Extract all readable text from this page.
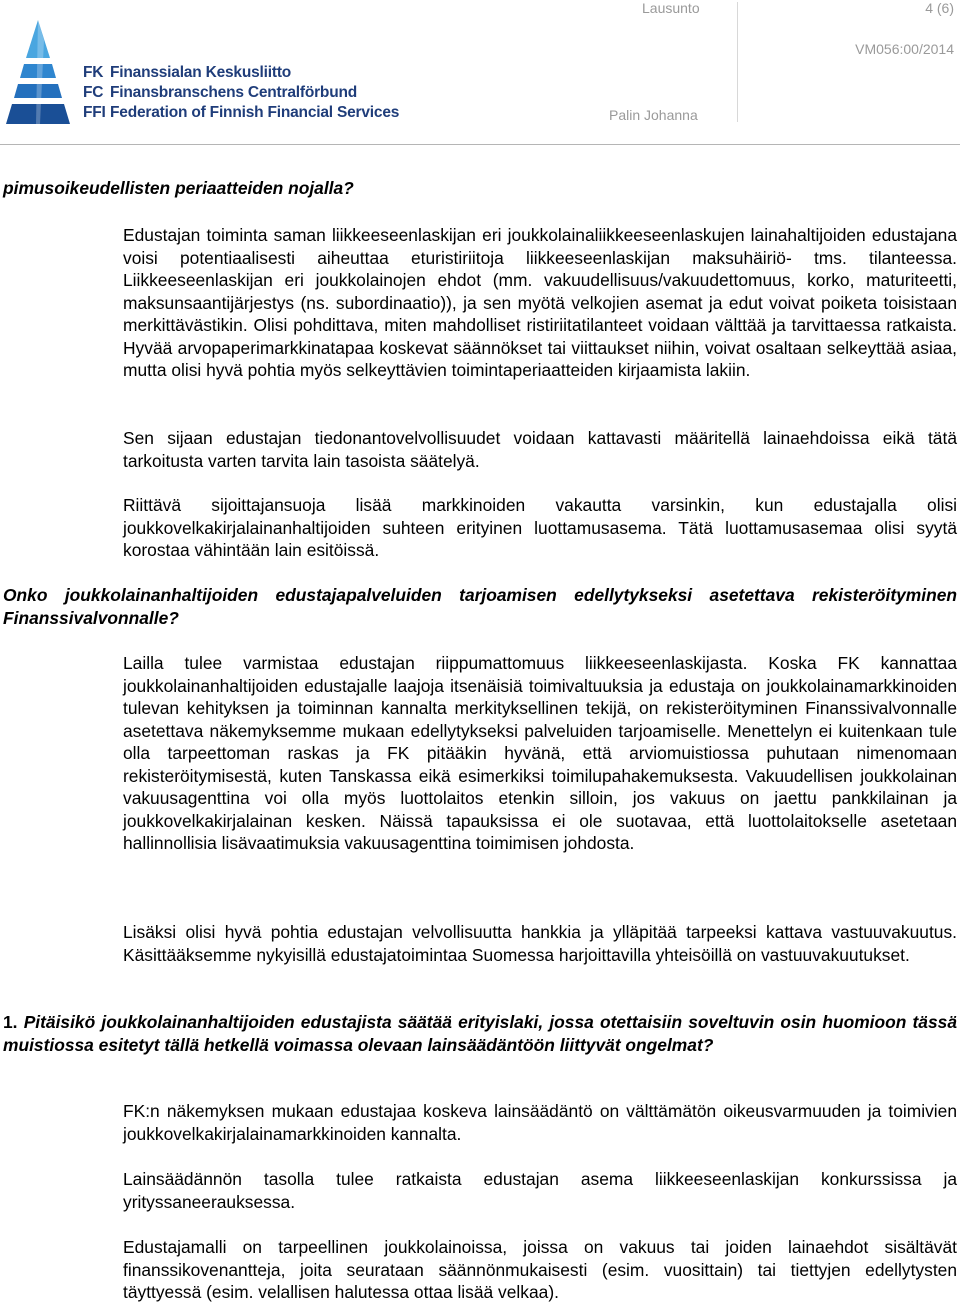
FK Finanssialan Keskusliitto
FC Finansbranschens Centralförbund
FFI Federation of Finnish Financial Services
Lausunto	4 (6)
VM056:00/2014
Palin Johanna
pimusoikeudellisten periaatteiden nojalla?
Edustajan toiminta saman liikkeeseenlaskijan eri joukkolainaliikkeeseenlaskujen lainahaltijoiden edustajana voisi potentiaalisesti aiheuttaa eturistiriitoja liikkeeseenlaskijan maksuhäiriö- tms. tilanteessa. Liikkeeseenlaskijan eri joukkolainojen ehdot (mm. vakuudellisuus/vakuudettomuus, korko, maturiteetti, maksunsaantijärjestys (ns. subordinaatio)), ja sen myötä velkojien asemat ja edut voivat poiketa toisistaan merkittävästikin. Olisi pohdittava, miten mahdolliset ristiriitatilanteet voidaan välttää ja tarvittaessa ratkaista. Hyvää arvopaperimarkkinatapaa koskevat säännökset tai viittaukset niihin, voivat osaltaan selkeyttää asiaa, mutta olisi hyvä pohtia myös selkeyttävien toimintaperiaatteiden kirjaamista lakiin.
Sen sijaan edustajan tiedonantovelvollisuudet voidaan kattavasti määritellä lainaehdoissa eikä tätä tarkoitusta varten tarvita lain tasoista säätelyä.
Riittävä sijoittajansuoja lisää markkinoiden vakautta varsinkin, kun edustajalla olisi joukkovelkakirjalainanhaltijoiden suhteen erityinen luottamusasema. Tätä luottamusasemaa olisi syytä korostaa vähintään lain esitöissä.
Onko joukkolainanhaltijoiden edustajapalveluiden tarjoamisen edellytykseksi asetettava rekisteröityminen Finanssivalvonnalle?
Lailla tulee varmistaa edustajan riippumattomuus liikkeeseenlaskijasta. Koska FK kannattaa joukkolainanhaltijoiden edustajalle laajoja itsenäisiä toimivaltuuksia ja edustaja on joukkolainamarkkinoiden tulevan kehityksen ja toiminnan kannalta merkityksellinen tekijä, on rekisteröityminen Finanssivalvonnalle asetettava näkemyksemme mukaan edellytykseksi palveluiden tarjoamiselle. Menettelyn ei kuitenkaan tule olla tarpeettoman raskas ja FK pitääkin hyvänä, että arviomuistiossa puhutaan nimenomaan rekisteröitymisestä, kuten Tanskassa eikä esimerkiksi toimilupahakemuksesta. Vakuudellisen joukkolainan vakuusagenttina voi olla myös luottolaitos etenkin silloin, jos vakuus on jaettu pankkilainan ja joukkovelkakirjalainan kesken. Näissä tapauksissa ei ole suotavaa, että luottolaitokselle asetetaan hallinnollisia lisävaatimuksia vakuusagenttina toimimisen johdosta.
Lisäksi olisi hyvä pohtia edustajan velvollisuutta hankkia ja ylläpitää tarpeeksi kattava vastuuvakuutus. Käsittääksemme nykyisillä edustajatoimintaa Suomessa harjoittavilla yhteisöillä on vastuuvakuutukset.
1. Pitäisikö joukkolainanhaltijoiden edustajista säätää erityislaki, jossa otettaisiin soveltuvin osin huomioon tässä muistiossa esitetyt tällä hetkellä voimassa olevaan lainsäädäntöön liittyvät ongelmat?
FK:n näkemyksen mukaan edustajaa koskeva lainsäädäntö on välttämätön oikeusvarmuuden ja toimivien joukkovelkakirjalainamarkkinoiden kannalta.
Lainsäädännön tasolla tulee ratkaista edustajan asema liikkeeseenlaskijan konkurssissa ja yrityssaneerauksessa.
Edustajamalli on tarpeellinen joukkolainoissa, joissa on vakuus tai joiden lainaehdot sisältävät finanssikovenantteja, joita seurataan säännönmukaisesti (esim. vuosittain) tai tiettyjen edellytysten täyttyessä (esim. velallisen halutessa ottaa lisää velkaa).
